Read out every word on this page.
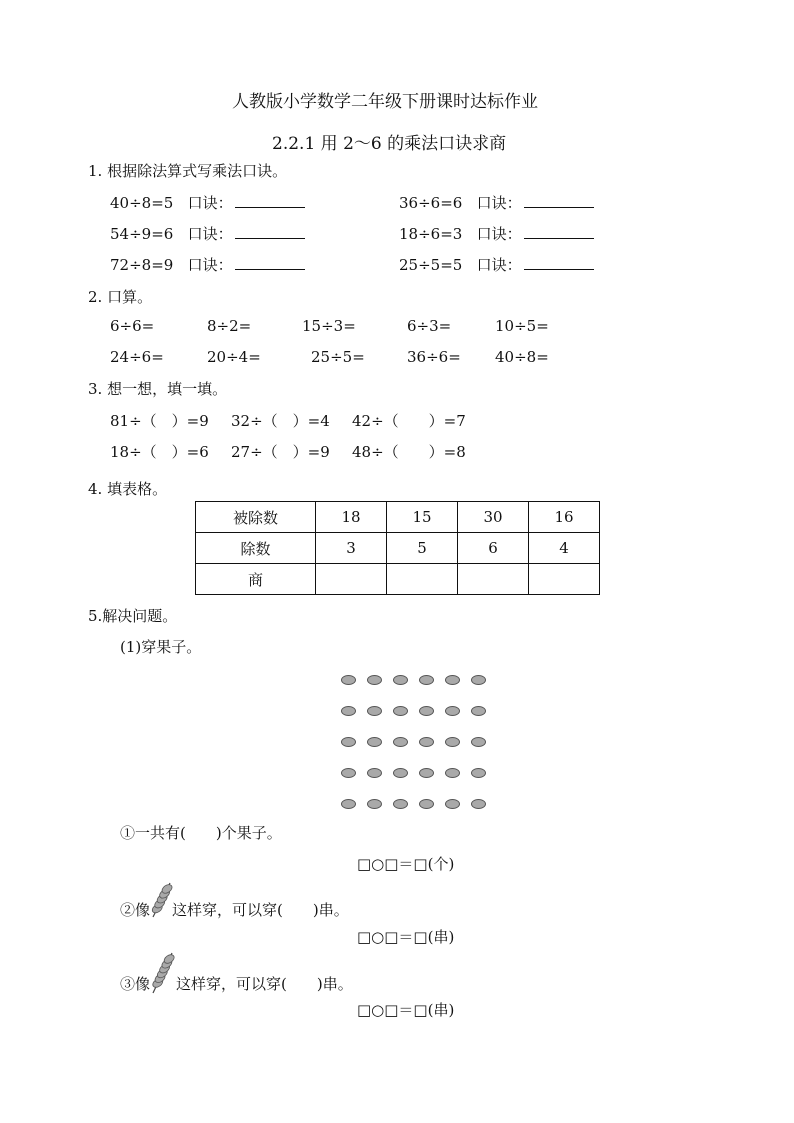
人教版小学数学二年级下册课时达标作业
2.2.1 用 2～6 的乘法口诀求商
1. 根据除法算式写乘法口诀。
40÷8=5 口诀：	36÷6=6 口诀：
54÷9=6 口诀：	18÷6=3 口诀：
72÷8=9 口诀：	25÷5=5 口诀：
2. 口算。
6÷6=	8÷2=	15÷3=	6÷3=	10÷5=
24÷6=	20÷4=	25÷5=	36÷6= 40÷8=
3. 想一想，填一填。
81÷（　）=9 32÷（　）=4 42÷（　　）=7
18÷（　）=6 27÷（　）=9 48÷（　　）=8
4. 填表格。
被除数	18	15	30	16
除数	3	5	6	4
商				
5.解决问题。
(1)穿果子。
①一共有(　　)个果子。
□○□＝□(个)
②像 这样穿，可以穿(　　)串。
□○□＝□(串)
③像 这样穿，可以穿(　　)串。
□○□＝□(串)
